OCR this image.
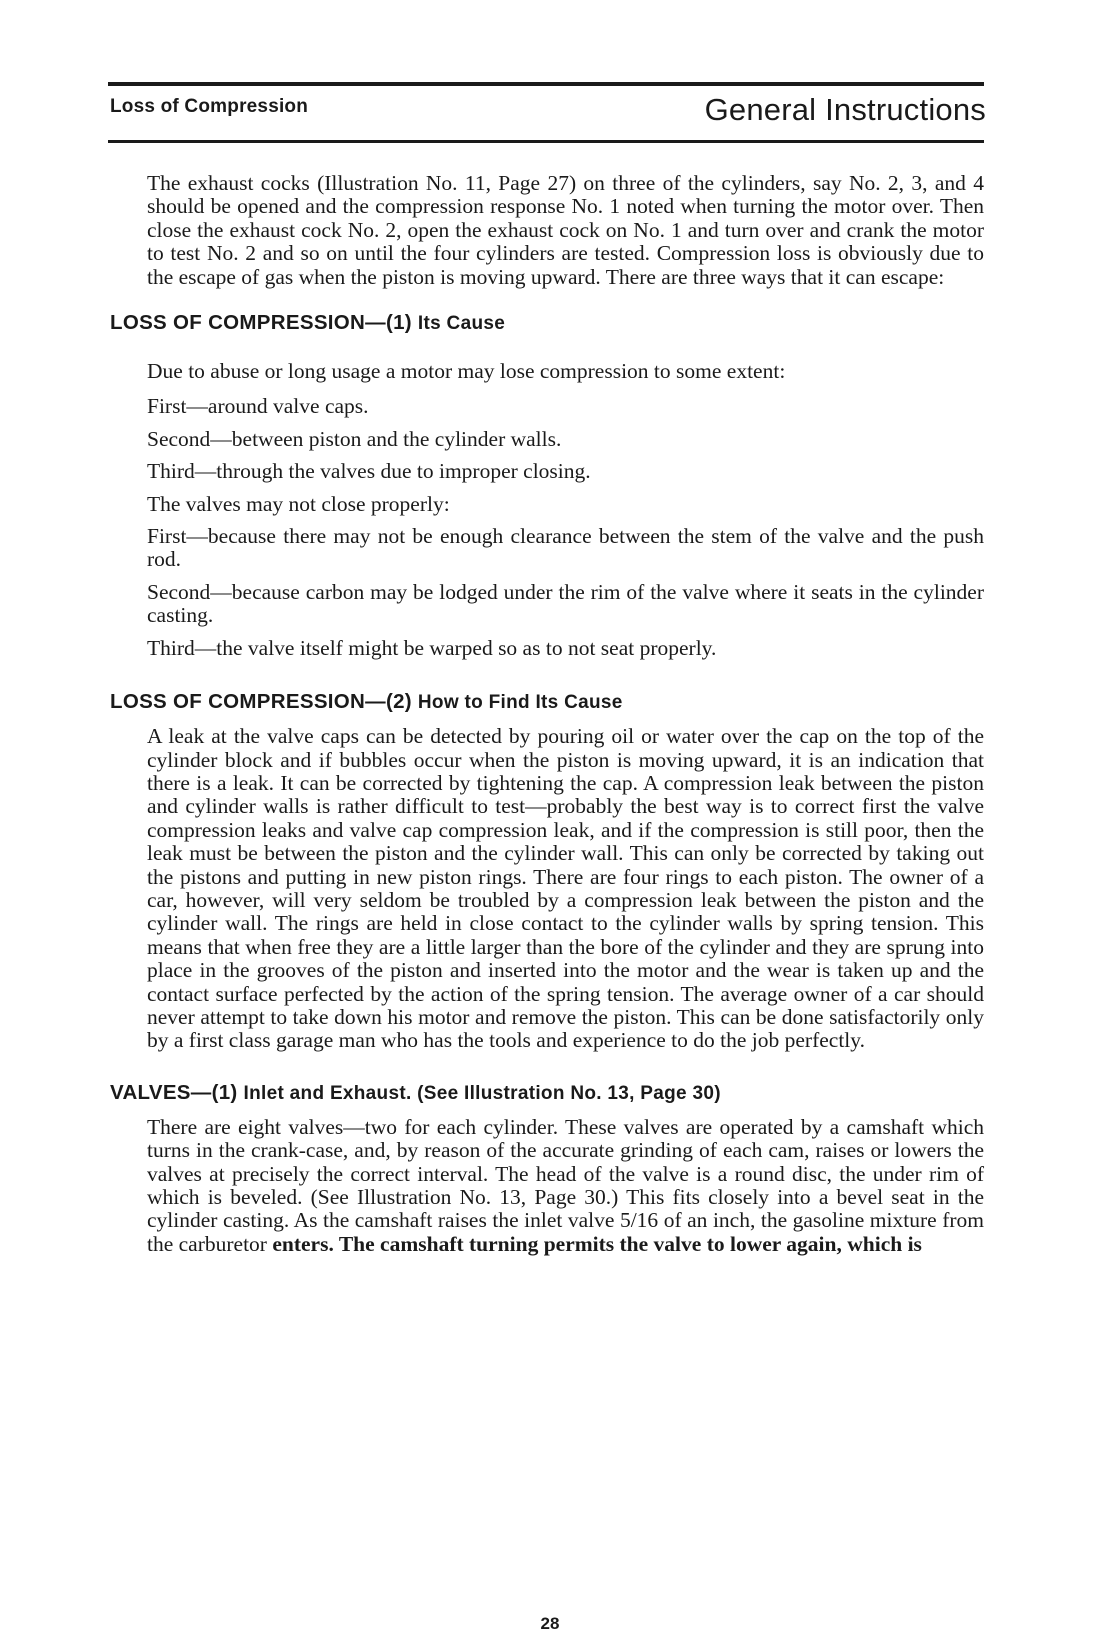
Loss of Compression	General Instructions

The exhaust cocks (Illustration No. 11, Page 27) on three of the cylinders, say No. 2, 3, and 4 should be opened and the compression response No. 1 noted when turning the motor over. Then close the exhaust cock No. 2, open the exhaust cock on No. 1 and turn over and crank the motor to test No. 2 and so on until the four cylinders are tested. Compression loss is obviously due to the escape of gas when the piston is moving upward. There are three ways that it can escape:

LOSS OF COMPRESSION—(1) Its Cause

Due to abuse or long usage a motor may lose compression to some extent:

First—around valve caps.

Second—between piston and the cylinder walls.

Third—through the valves due to improper closing.

The valves may not close properly:

First—because there may not be enough clearance between the stem of the valve and the push rod.

Second—because carbon may be lodged under the rim of the valve where it seats in the cylinder casting.

Third—the valve itself might be warped so as to not seat properly.

LOSS OF COMPRESSION—(2) How to Find Its Cause

A leak at the valve caps can be detected by pouring oil or water over the cap on the top of the cylinder block and if bubbles occur when the piston is moving upward, it is an indication that there is a leak. It can be corrected by tightening the cap. A compression leak between the piston and cylinder walls is rather difficult to test—probably the best way is to correct first the valve compression leaks and valve cap compression leak, and if the compression is still poor, then the leak must be between the piston and the cylinder wall. This can only be corrected by taking out the pistons and putting in new piston rings. There are four rings to each piston. The owner of a car, however, will very seldom be troubled by a compression leak between the piston and the cylinder wall. The rings are held in close contact to the cylinder walls by spring tension. This means that when free they are a little larger than the bore of the cylinder and they are sprung into place in the grooves of the piston and inserted into the motor and the wear is taken up and the contact surface perfected by the action of the spring tension. The average owner of a car should never attempt to take down his motor and remove the piston. This can be done satisfactorily only by a first class garage man who has the tools and experience to do the job perfectly.

VALVES—(1) Inlet and Exhaust. (See Illustration No. 13, Page 30)

There are eight valves—two for each cylinder. These valves are operated by a camshaft which turns in the crank-case, and, by reason of the accurate grinding of each cam, raises or lowers the valves at precisely the correct interval. The head of the valve is a round disc, the under rim of which is beveled. (See Illustration No. 13, Page 30.) This fits closely into a bevel seat in the cylinder casting. As the camshaft raises the inlet valve 5/16 of an inch, the gasoline mixture from the carburetor enters. The camshaft turning permits the valve to lower again, which is

28
